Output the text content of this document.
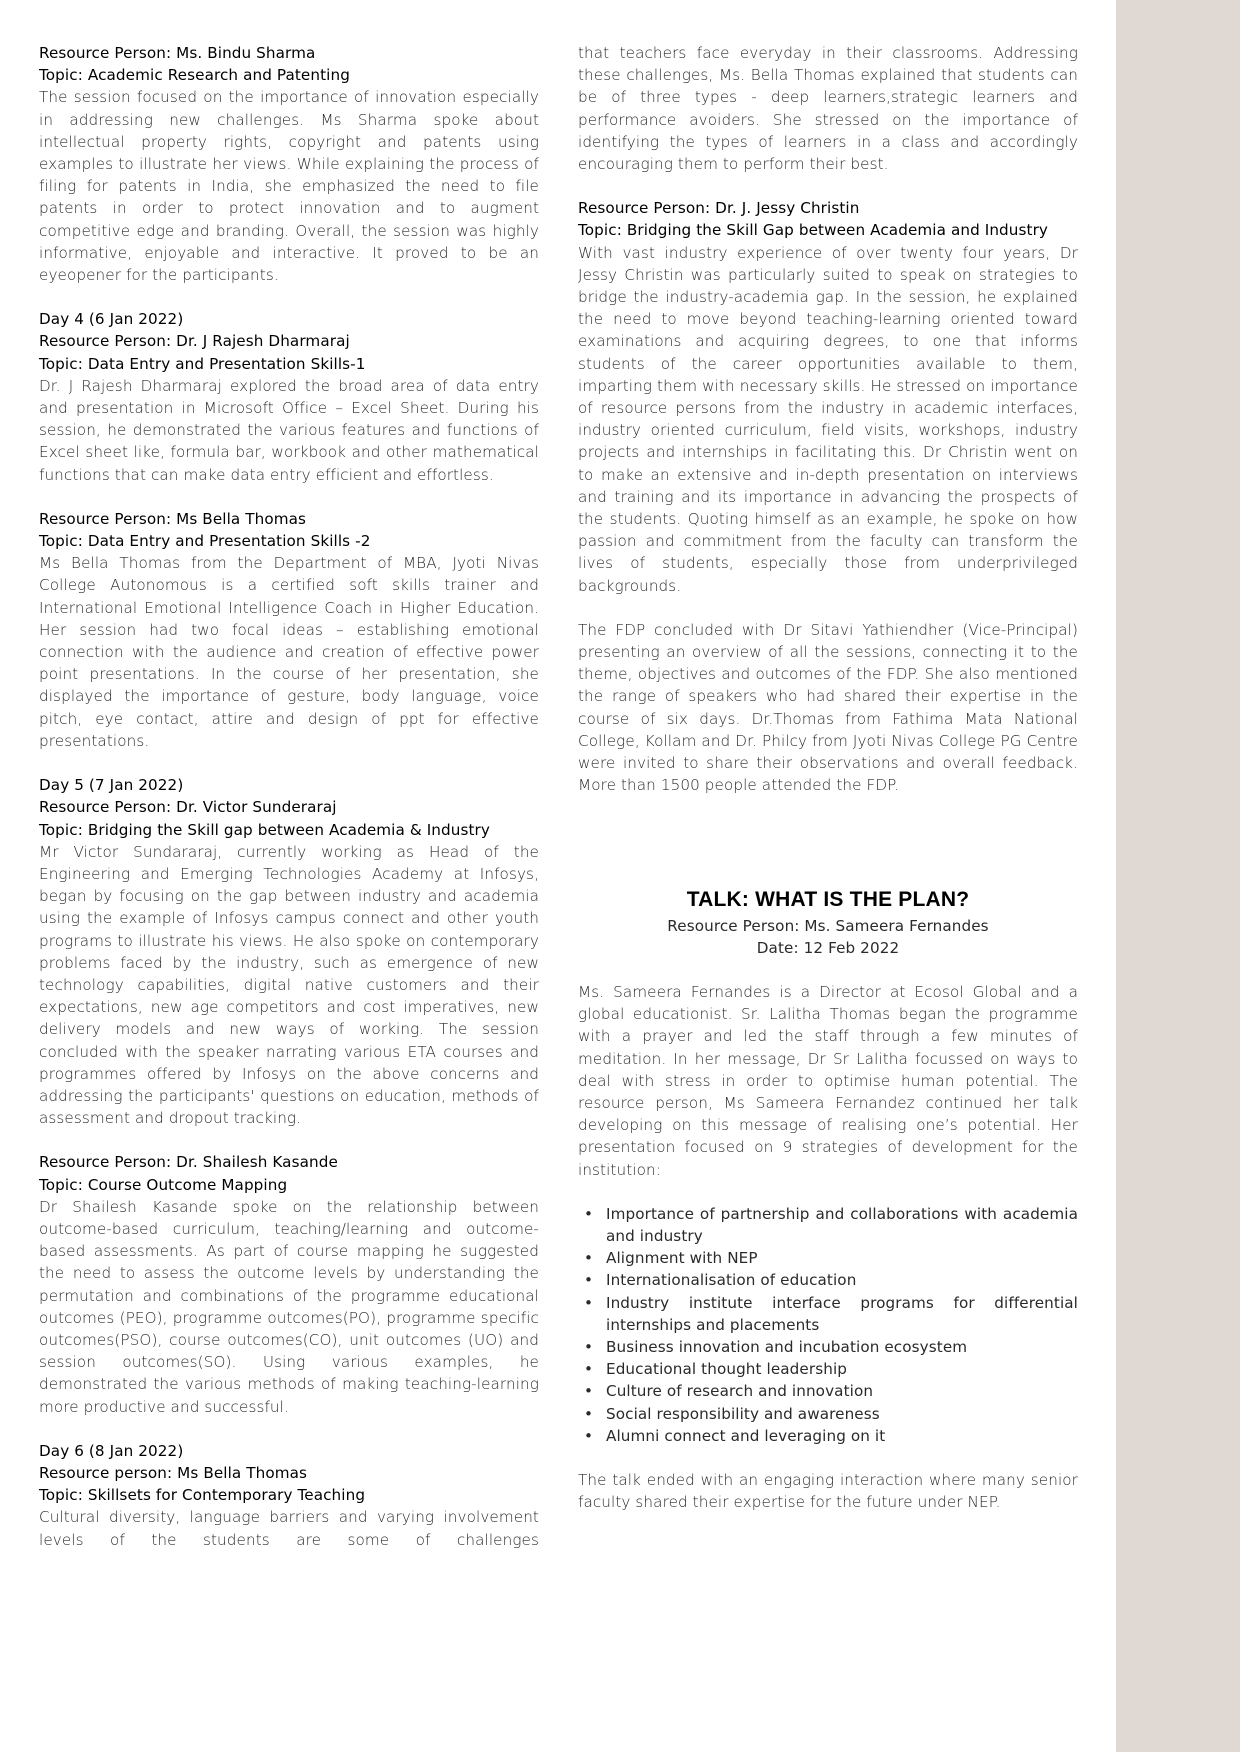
Resource Person: Ms. Bindu Sharma
Topic: Academic Research and Patenting

The session focused on the importance of innovation especially in addressing new challenges. Ms Sharma spoke about intellectual property rights, copyright and patents using examples to illustrate her views. While explaining the process of filing for patents in India, she emphasized the need to file patents in order to protect innovation and to augment competitive edge and branding. Overall, the session was highly informative, enjoyable and interactive. It proved to be an eyeopener for the participants.

Day 4 (6 Jan 2022)
Resource Person: Dr. J Rajesh Dharmaraj
Topic: Data Entry and Presentation Skills-1

Dr. J Rajesh Dharmaraj explored the broad area of data entry and presentation in Microsoft Office – Excel Sheet. During his session, he demonstrated the various features and functions of Excel sheet like, formula bar, workbook and other mathematical functions that can make data entry efficient and effortless.

Resource Person: Ms Bella Thomas
Topic: Data Entry and Presentation Skills -2

Ms Bella Thomas from the Department of MBA, Jyoti Nivas College Autonomous is a certified soft skills trainer and International Emotional Intelligence Coach in Higher Education. Her session had two focal ideas – establishing emotional connection with the audience and creation of effective power point presentations. In the course of her presentation, she displayed the importance of gesture, body language, voice pitch, eye contact, attire and design of ppt for effective presentations.

Day 5 (7 Jan 2022)
Resource Person: Dr. Victor Sunderaraj
Topic: Bridging the Skill gap between Academia & Industry

Mr Victor Sundararaj, currently working as Head of the Engineering and Emerging Technologies Academy at Infosys, began by focusing on the gap between industry and academia using the example of Infosys campus connect and other youth programs to illustrate his views. He also spoke on contemporary problems faced by the industry, such as emergence of new technology capabilities, digital native customers and their expectations, new age competitors and cost imperatives, new delivery models and new ways of working. The session concluded with the speaker narrating various ETA courses and programmes offered by Infosys on the above concerns and addressing the participants' questions on education, methods of assessment and dropout tracking.

Resource Person: Dr. Shailesh Kasande
Topic: Course Outcome Mapping

Dr Shailesh Kasande spoke on the relationship between outcome-based curriculum, teaching/learning and outcome-based assessments. As part of course mapping he suggested the need to assess the outcome levels by understanding the permutation and combinations of the programme educational outcomes (PEO), programme outcomes(PO), programme specific outcomes(PSO), course outcomes(CO), unit outcomes (UO) and session outcomes(SO). Using various examples, he demonstrated the various methods of making teaching-learning more productive and successful.

Day 6 (8 Jan 2022)
Resource person: Ms Bella Thomas
Topic: Skillsets for Contemporary Teaching

Cultural diversity, language barriers and varying involvement levels of the students are some of challenges

that teachers face everyday in their classrooms. Addressing these challenges, Ms. Bella Thomas explained that students can be of three types - deep learners,strategic learners and performance avoiders. She stressed on the importance of identifying the types of learners in a class and accordingly encouraging them to perform their best.

Resource Person: Dr. J. Jessy Christin
Topic: Bridging the Skill Gap between Academia and Industry

With vast industry experience of over twenty four years, Dr Jessy Christin was particularly suited to speak on strategies to bridge the industry-academia gap. In the session, he explained the need to move beyond teaching-learning oriented toward examinations and acquiring degrees, to one that informs students of the career opportunities available to them, imparting them with necessary skills. He stressed on importance of resource persons from the industry in academic interfaces, industry oriented curriculum, field visits, workshops, industry projects and internships in facilitating this. Dr Christin went on to make an extensive and in-depth presentation on interviews and training and its importance in advancing the prospects of the students. Quoting himself as an example, he spoke on how passion and commitment from the faculty can transform the lives of students, especially those from underprivileged backgrounds.

The FDP concluded with Dr Sitavi Yathiendher (Vice-Principal) presenting an overview of all the sessions, connecting it to the theme, objectives and outcomes of the FDP. She also mentioned the range of speakers who had shared their expertise in the course of six days. Dr.Thomas from Fathima Mata National College, Kollam and Dr. Philcy from Jyoti Nivas College PG Centre were invited to share their observations and overall feedback. More than 1500 people attended the FDP.

TALK: WHAT IS THE PLAN?
Resource Person: Ms. Sameera Fernandes
Date: 12 Feb 2022

Ms. Sameera Fernandes is a Director at Ecosol Global and a global educationist. Sr. Lalitha Thomas began the programme with a prayer and led the staff through a few minutes of meditation. In her message, Dr Sr Lalitha focussed on ways to deal with stress in order to optimise human potential. The resource person, Ms Sameera Fernandez continued her talk developing on this message of realising one’s potential. Her presentation focused on 9 strategies of development for the institution:

• Importance of partnership and collaborations with academia and industry
• Alignment with NEP
• Internationalisation of education
• Industry institute interface programs for differential internships and placements
• Business innovation and incubation ecosystem
• Educational thought leadership
• Culture of research and innovation
• Social responsibility and awareness
• Alumni connect and leveraging on it

The talk ended with an engaging interaction where many senior faculty shared their expertise for the future under NEP.
